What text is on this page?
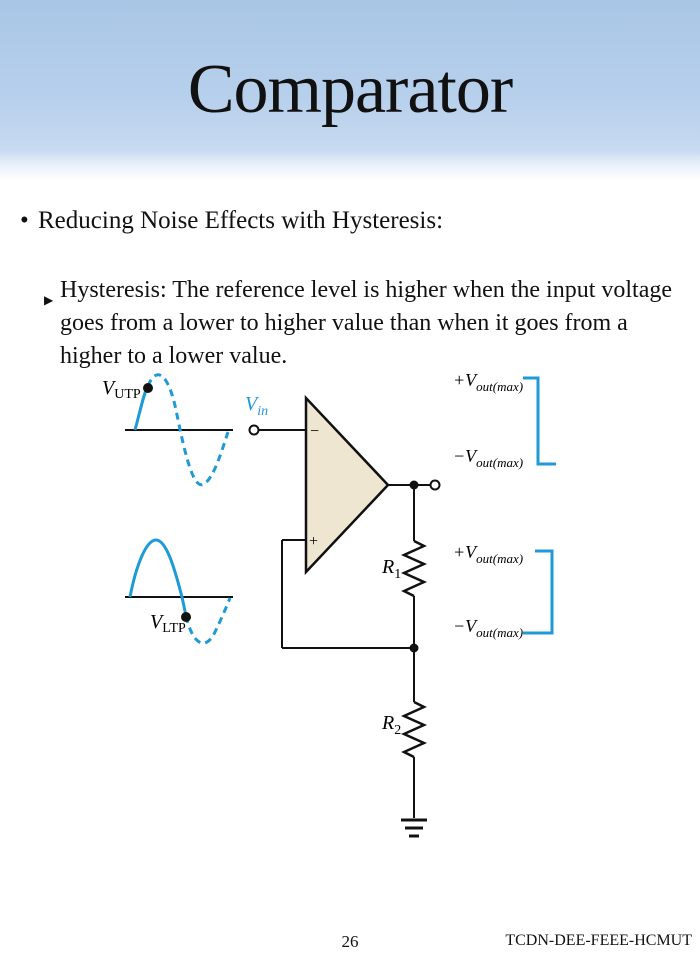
Comparator
• Reducing Noise Effects with Hysteresis:
▶ Hysteresis: The reference level is higher when the input voltage goes from a lower to higher value than when it goes from a higher to a lower value.
$V_{UTP}$
$V_{LTP}$
$V_{in}$
−
+
$R_1$
$R_2$
$+V_{out(max)}$
$-V_{out(max)}$
$+V_{out(max)}$
$-V_{out(max)}$
26	TCDN-DEE-FEEE-HCMUT
